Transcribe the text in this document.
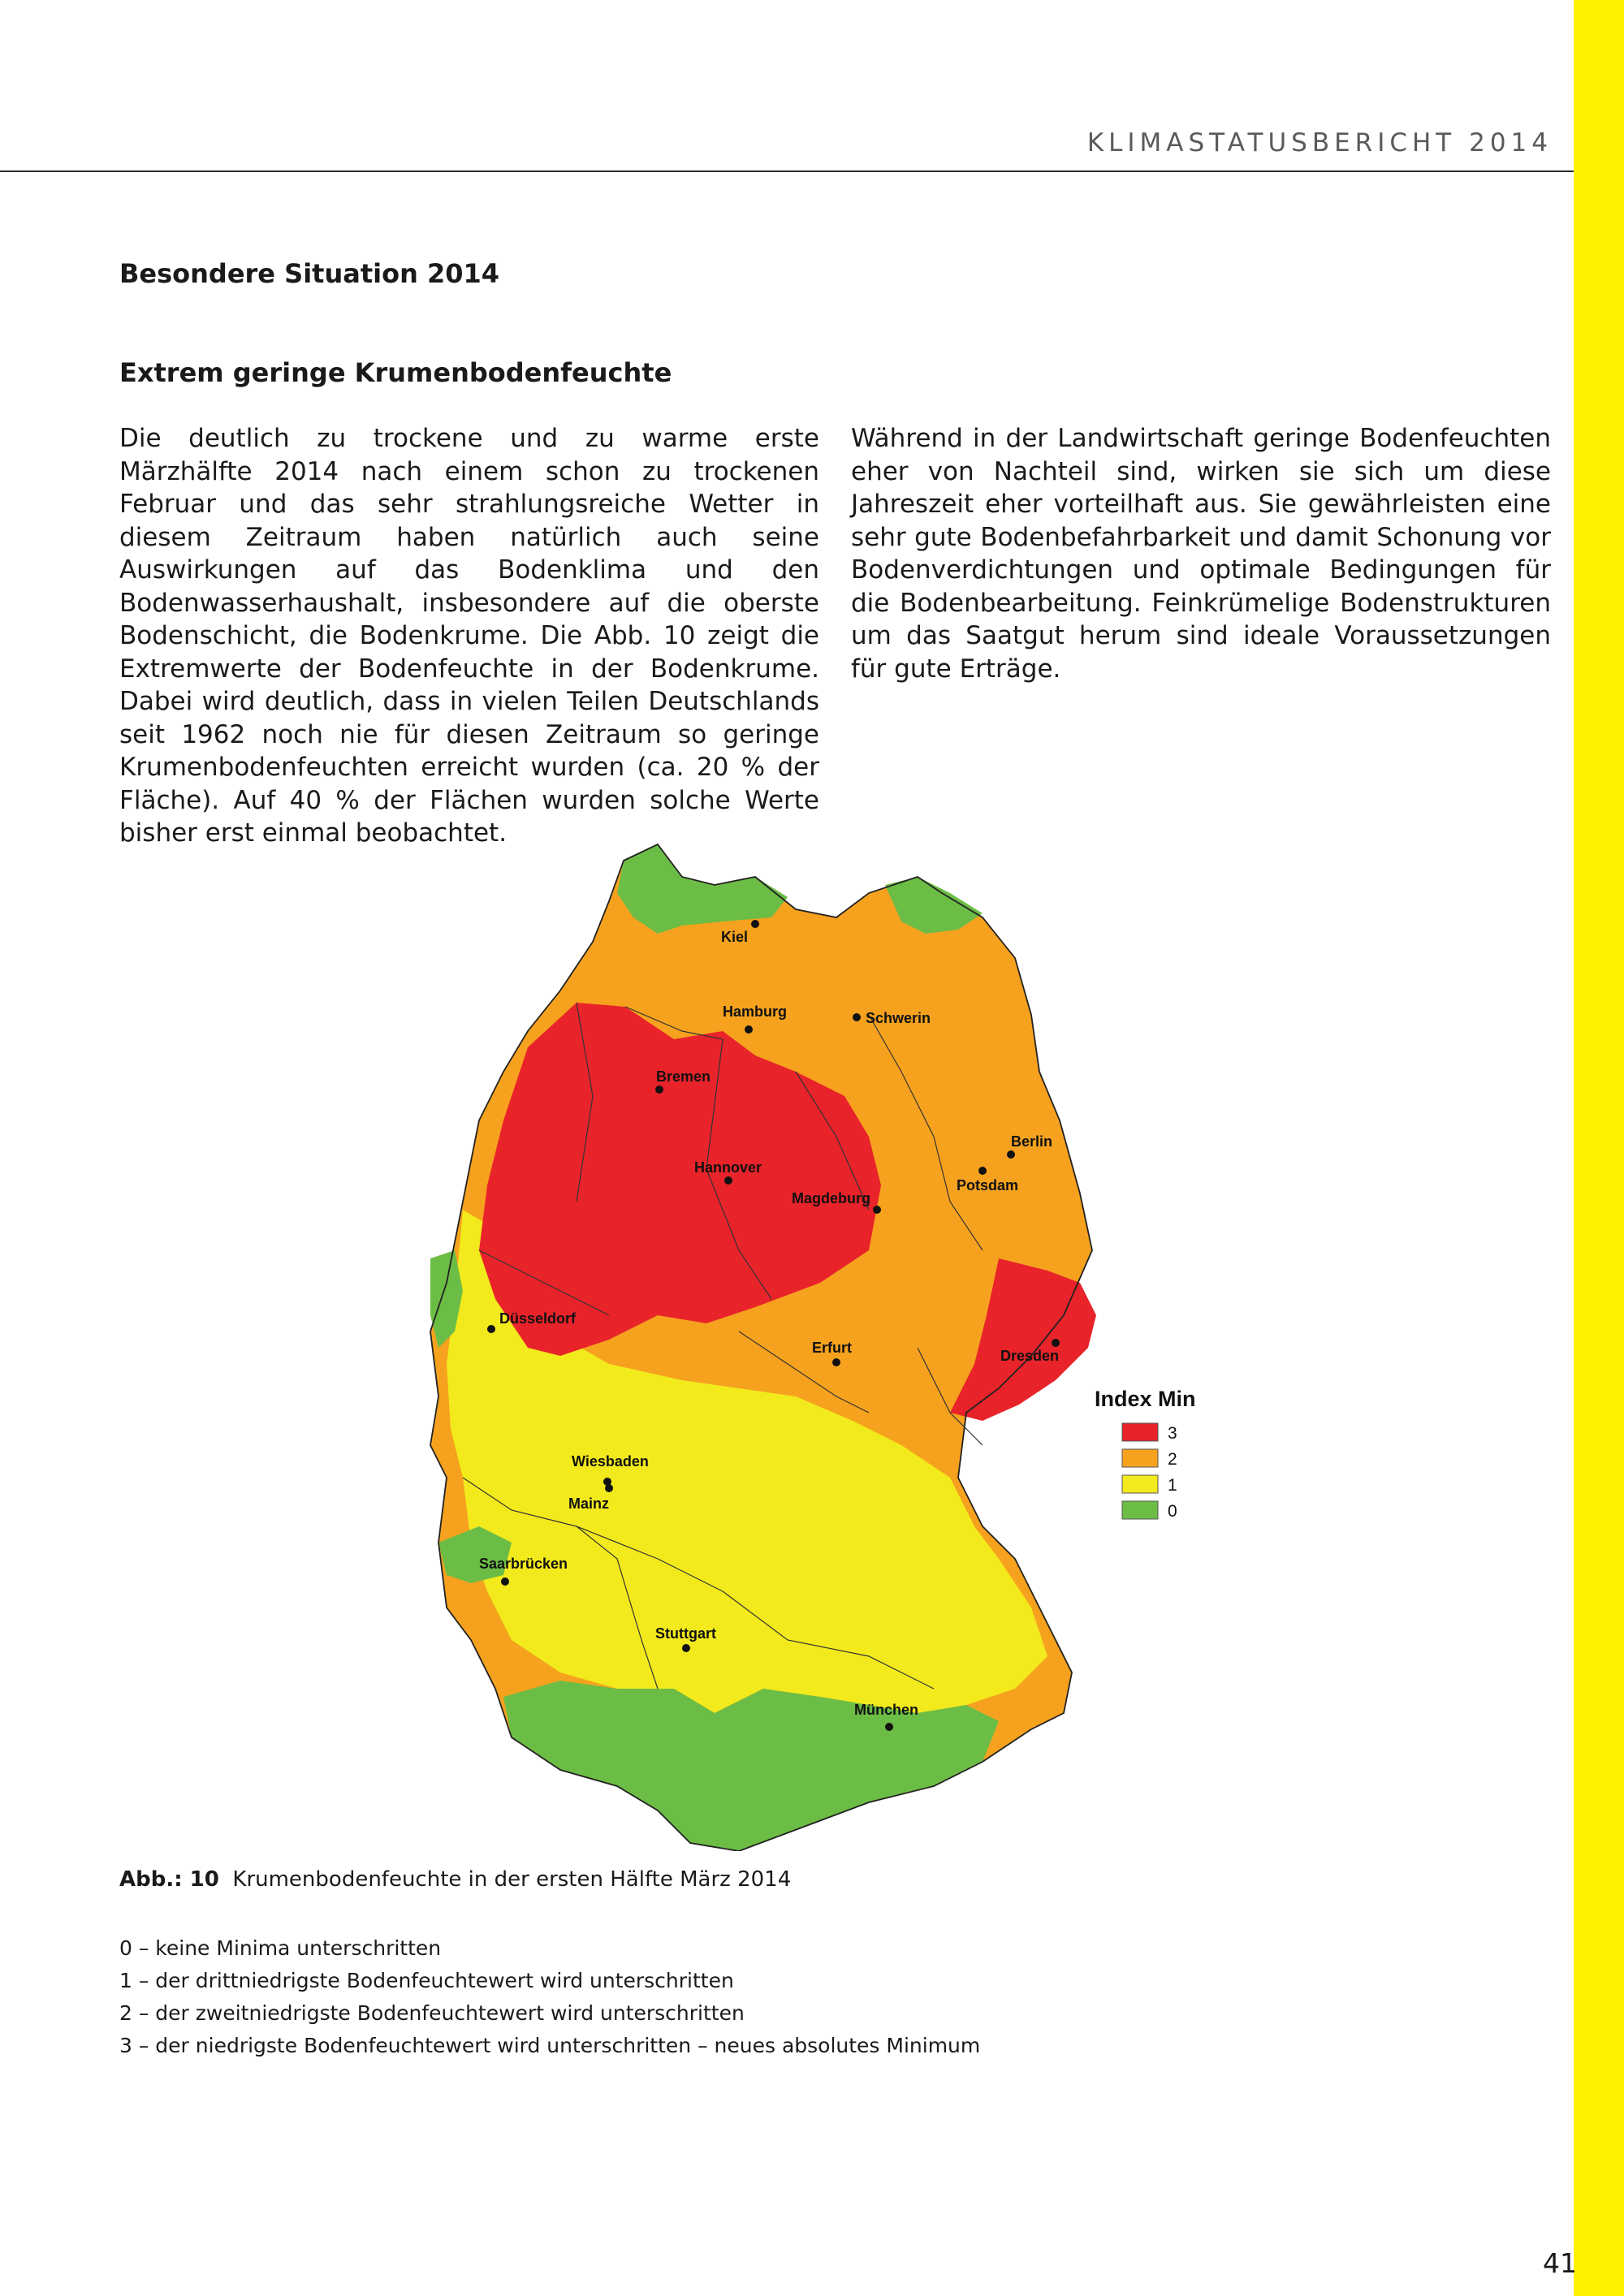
KLIMASTATUSBERICHT 2014
Besondere Situation 2014
Extrem geringe Krumenbodenfeuchte

Die deutlich zu trockene und zu warme erste Märzhälfte 2014 nach einem schon zu trockenen Februar und das sehr strahlungsreiche Wetter in diesem Zeitraum haben natürlich auch seine Auswirkungen auf das Bodenklima und den Bodenwasserhaushalt, insbesondere auf die oberste Bodenschicht, die Bodenkrume. Die Abb. 10 zeigt die Extremwerte der Bodenfeuchte in der Bodenkrume. Dabei wird deutlich, dass in vielen Teilen Deutschlands seit 1962 noch nie für diesen Zeitraum so geringe Krumenbodenfeuchten erreicht wurden (ca. 20 % der Fläche). Auf 40 % der Flächen wurden solche Werte bisher erst einmal beobachtet.

Während in der Landwirtschaft geringe Bodenfeuchten eher von Nachteil sind, wirken sie sich um diese Jahreszeit eher vorteilhaft aus. Sie gewährleisten eine sehr gute Bodenbefahrbarkeit und damit Schonung vor Bodenverdichtungen und optimale Bedingungen für die Bodenbearbeitung. Feinkrümelige Bodenstrukturen um das Saatgut herum sind ideale Voraussetzungen für gute Erträge.

Kiel
Hamburg	Schwerin
Bremen
Berlin
Potsdam
Hannover
Magdeburg
Düsseldorf
Erfurt	Dresden
Wiesbaden
Mainz
Saarbrücken
Stuttgart
München
Index Min
3
2
1
0
Abb.: 10 Krumenbodenfeuchte in der ersten Hälfte März 2014
0 – keine Minima unterschritten
1 – der drittniedrigste Bodenfeuchtewert wird unterschritten
2 – der zweitniedrigste Bodenfeuchtewert wird unterschritten
3 – der niedrigste Bodenfeuchtewert wird unterschritten – neues absolutes Minimum
41
